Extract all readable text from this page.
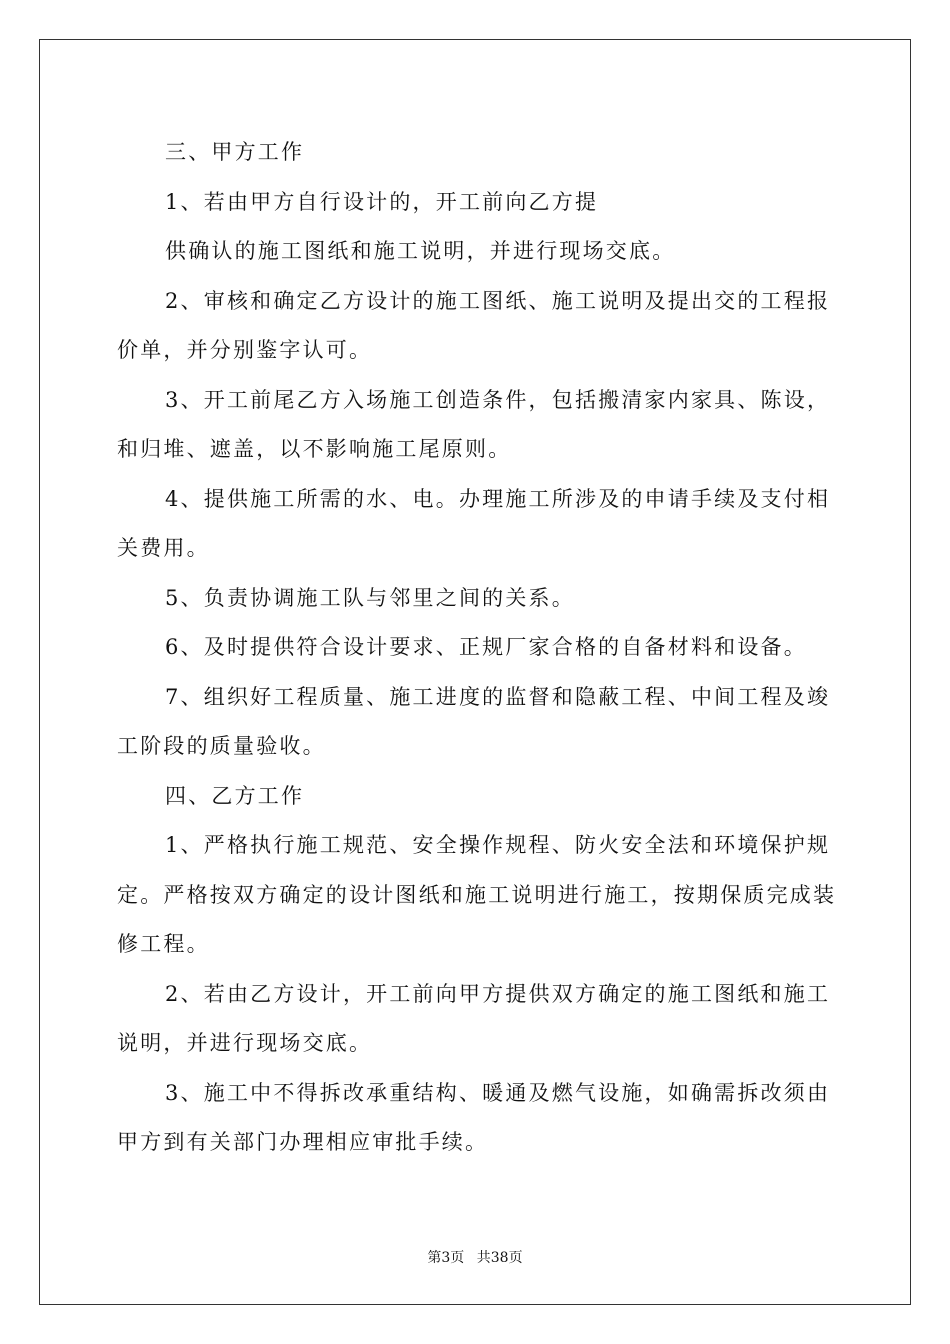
三、甲方工作

1、若由甲方自行设计的，开工前向乙方提

供确认的施工图纸和施工说明，并进行现场交底。

2、审核和确定乙方设计的施工图纸、施工说明及提出交的工程报价单，并分别鉴字认可。

3、开工前尾乙方入场施工创造条件，包括搬清家内家具、陈设，和归堆、遮盖，以不影响施工尾原则。

4、提供施工所需的水、电。办理施工所涉及的申请手续及支付相关费用。

5、负责协调施工队与邻里之间的关系。

6、及时提供符合设计要求、正规厂家合格的自备材料和设备。

7、组织好工程质量、施工进度的监督和隐蔽工程、中间工程及竣工阶段的质量验收。

四、乙方工作

1、严格执行施工规范、安全操作规程、防火安全法和环境保护规定。严格按双方确定的设计图纸和施工说明进行施工，按期保质完成装修工程。

2、若由乙方设计，开工前向甲方提供双方确定的施工图纸和施工说明，并进行现场交底。

3、施工中不得拆改承重结构、暖通及燃气设施，如确需拆改须由甲方到有关部门办理相应审批手续。

第3页 共38页
